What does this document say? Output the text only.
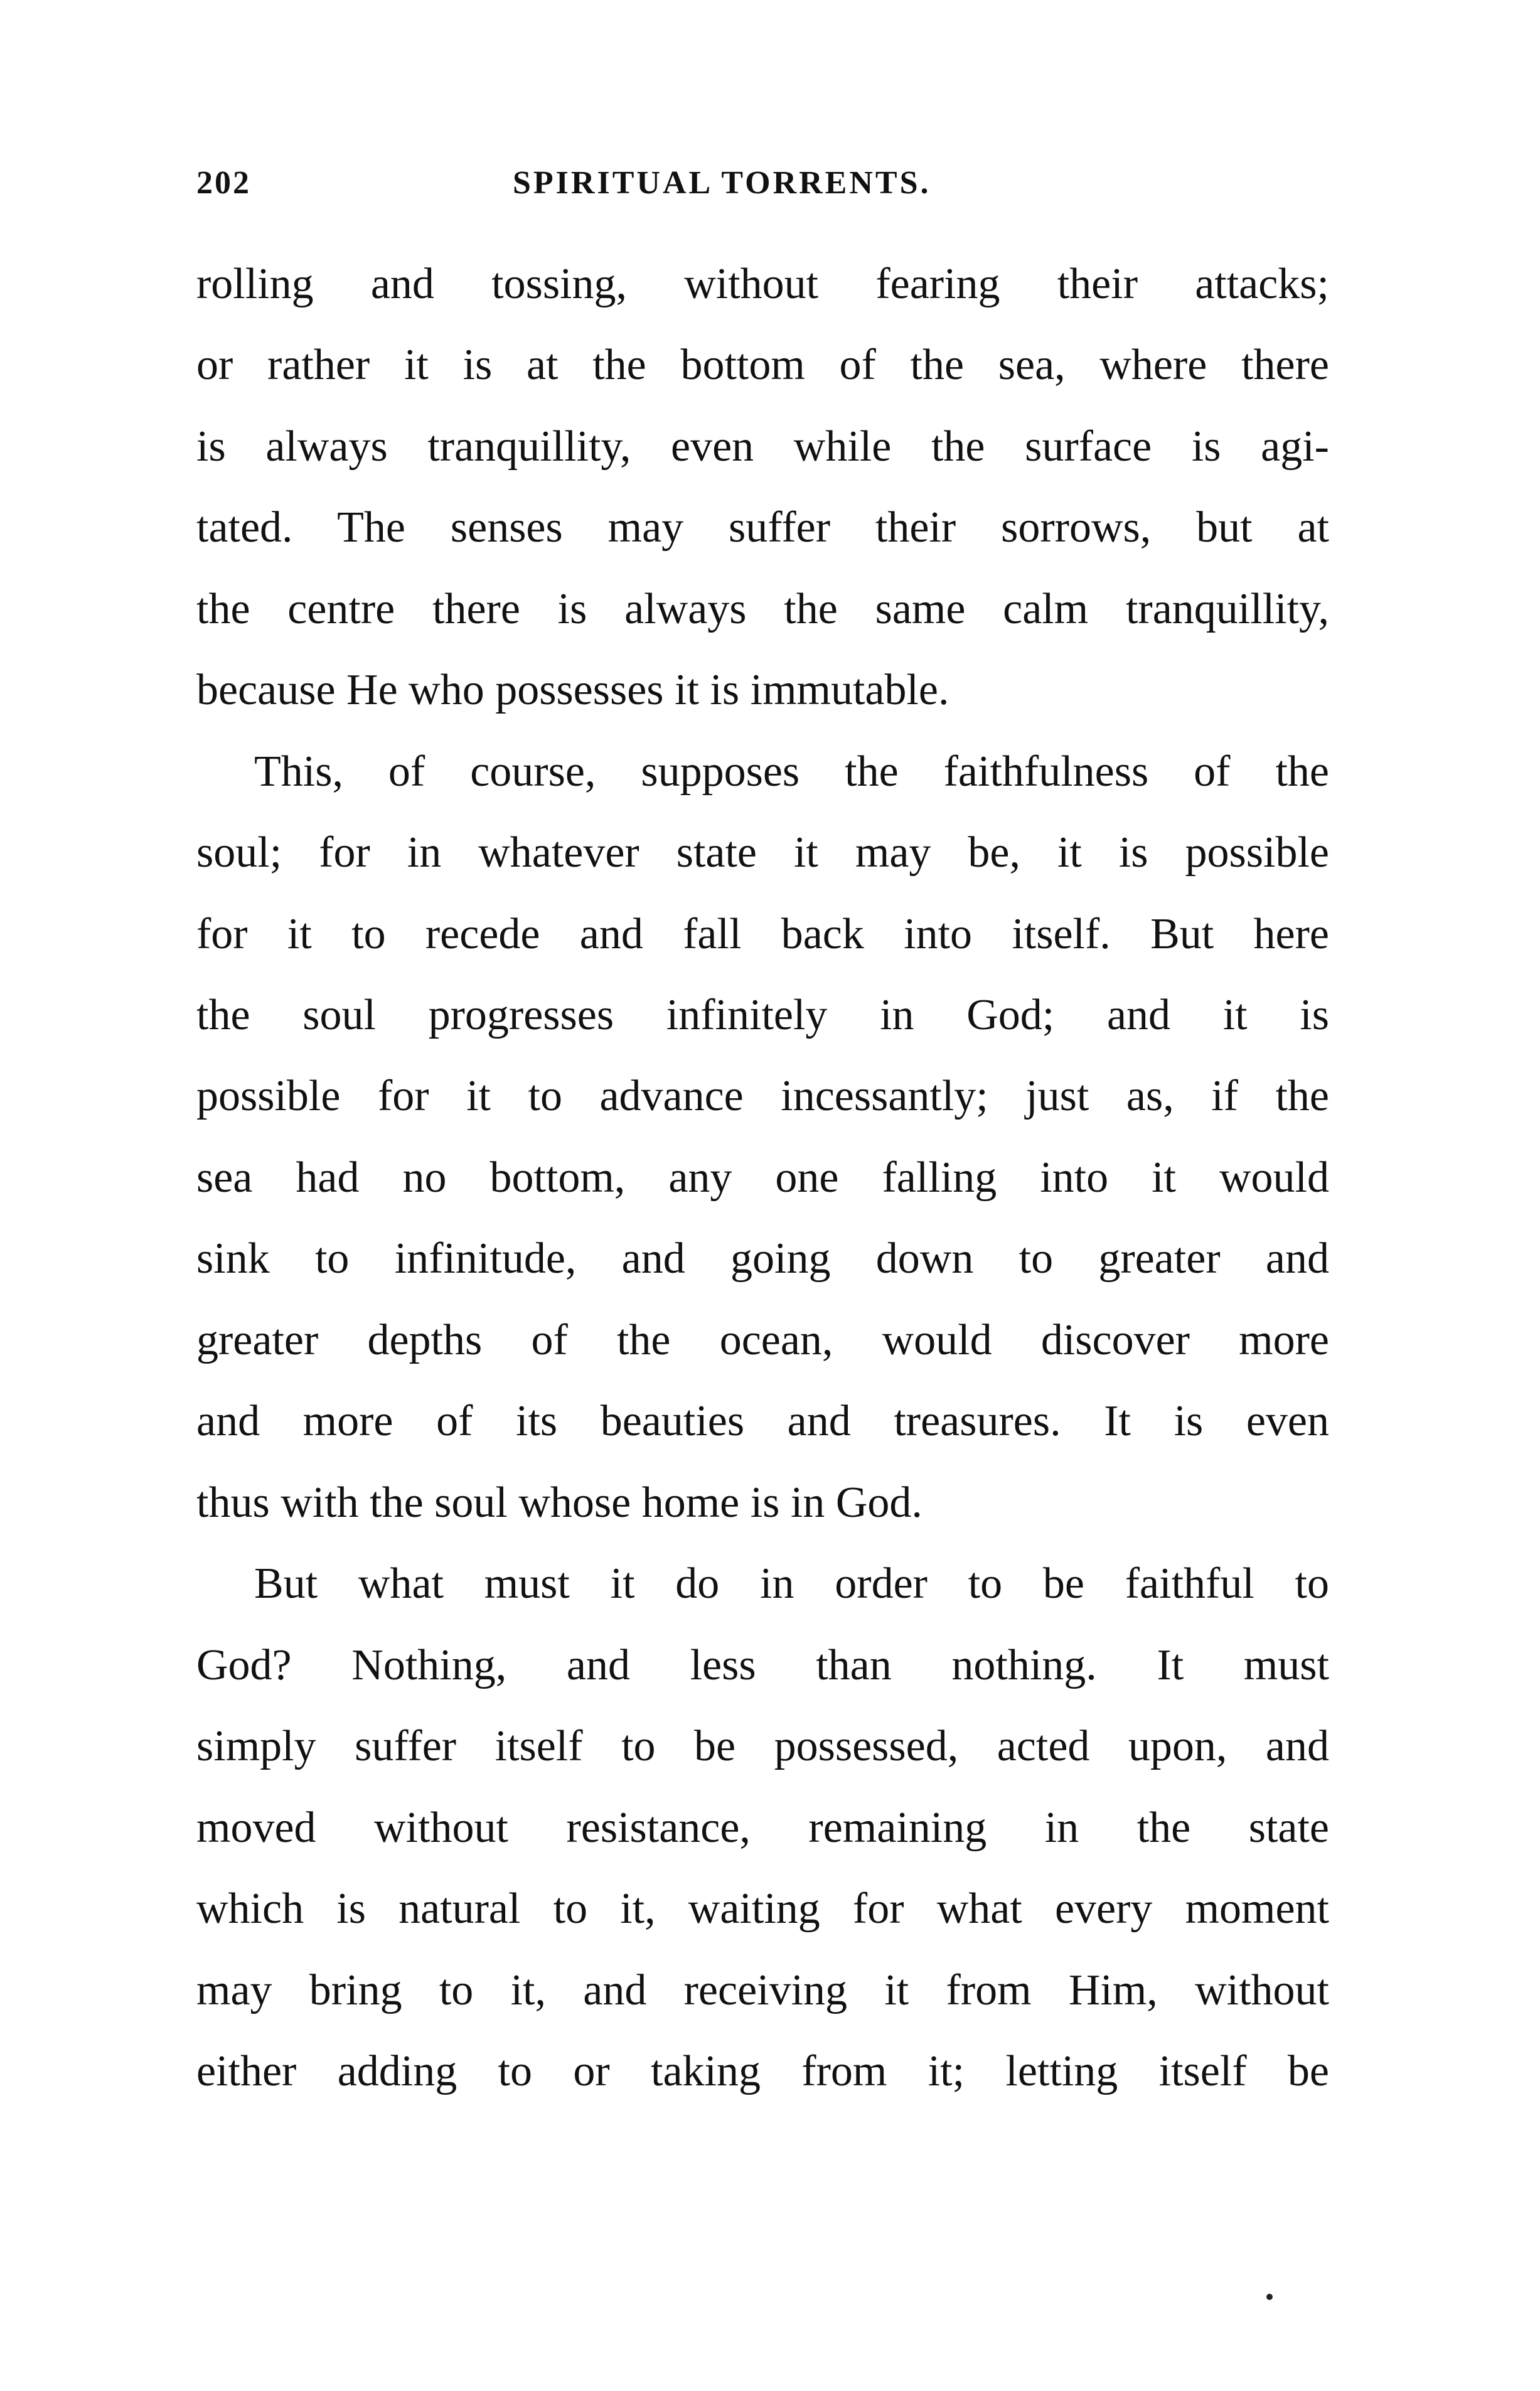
202	SPIRITUAL TORRENTS.
rolling and tossing, without fearing their attacks;
or rather it is at the bottom of the sea, where there
is always tranquillity, even while the surface is agi-
tated. The senses may suffer their sorrows, but at
the centre there is always the same calm tranquillity,
because He who possesses it is immutable.
This, of course, supposes the faithfulness of the
soul; for in whatever state it may be, it is possible
for it to recede and fall back into itself. But here
the soul progresses infinitely in God; and it is
possible for it to advance incessantly; just as, if the
sea had no bottom, any one falling into it would
sink to infinitude, and going down to greater and
greater depths of the ocean, would discover more
and more of its beauties and treasures. It is even
thus with the soul whose home is in God.
But what must it do in order to be faithful to
God? Nothing, and less than nothing. It must
simply suffer itself to be possessed, acted upon, and
moved without resistance, remaining in the state
which is natural to it, waiting for what every moment
may bring to it, and receiving it from Him, without
either adding to or taking from it; letting itself be
